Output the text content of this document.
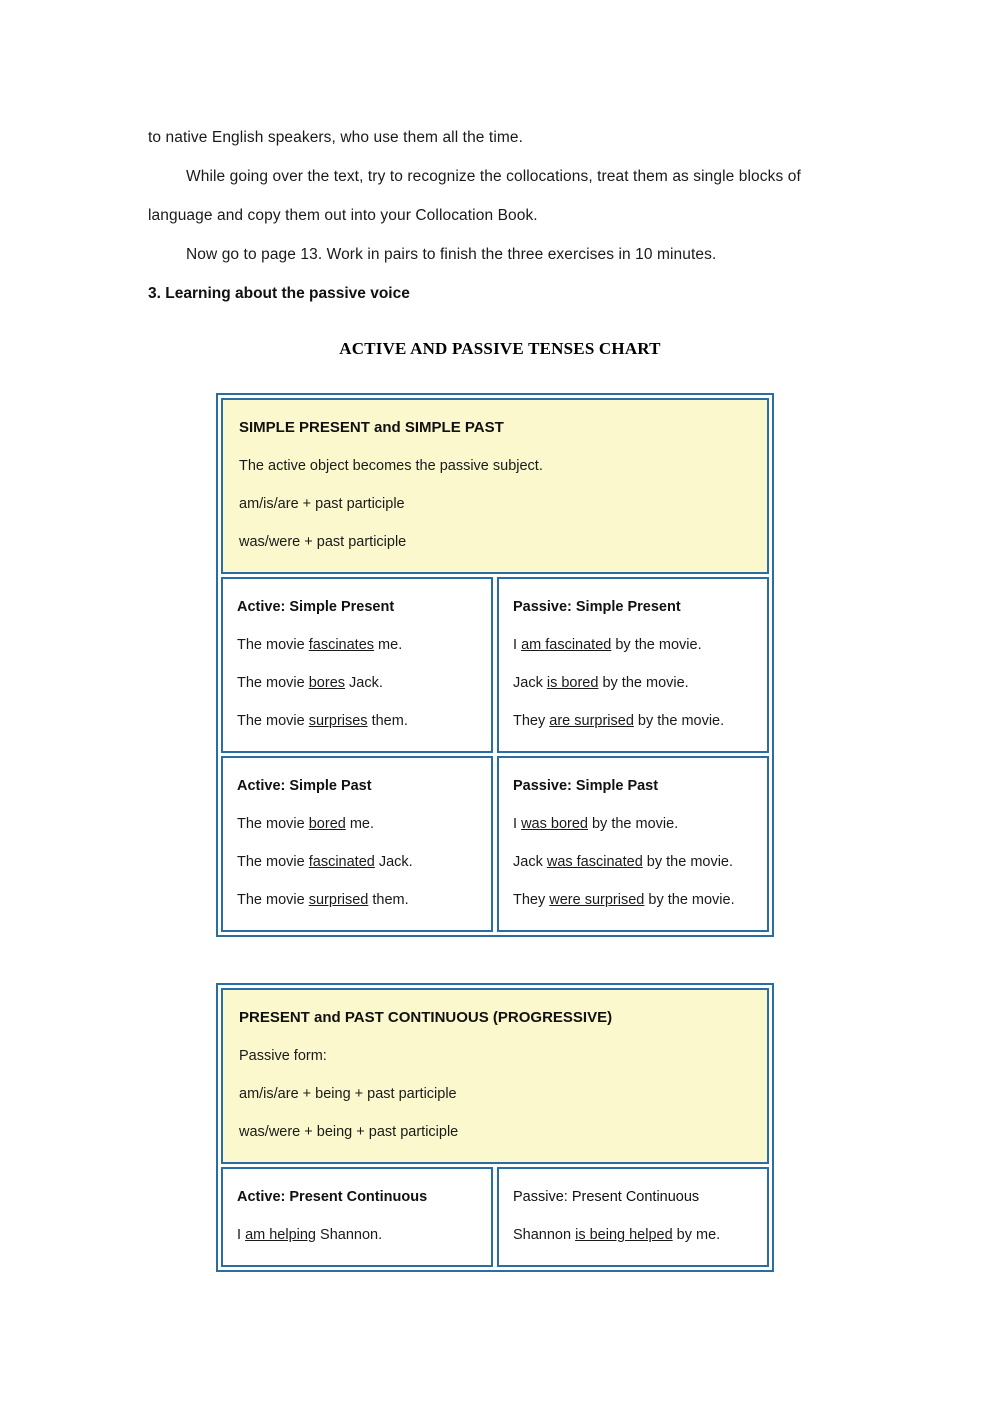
to native English speakers, who use them all the time.

While going over the text, try to recognize the collocations, treat them as single blocks of language and copy them out into your Collocation Book.

Now go to page 13. Work in pairs to finish the three exercises in 10 minutes.

3. Learning about the passive voice

ACTIVE AND PASSIVE TENSES CHART

SIMPLE PRESENT and SIMPLE PAST
The active object becomes the passive subject.
am/is/are + past participle
was/were + past participle
Active: Simple Present
The movie fascinates me.
The movie bores Jack.
The movie surprises them.
Passive: Simple Present
I am fascinated by the movie.
Jack is bored by the movie.
They are surprised by the movie.
Active: Simple Past
The movie bored me.
The movie fascinated Jack.
The movie surprised them.
Passive: Simple Past
I was bored by the movie.
Jack was fascinated by the movie.
They were surprised by the movie.
PRESENT and PAST CONTINUOUS (PROGRESSIVE)
Passive form:
am/is/are + being + past participle
was/were + being + past participle
Active: Present Continuous
I am helping Shannon.
Passive: Present Continuous
Shannon is being helped by me.
